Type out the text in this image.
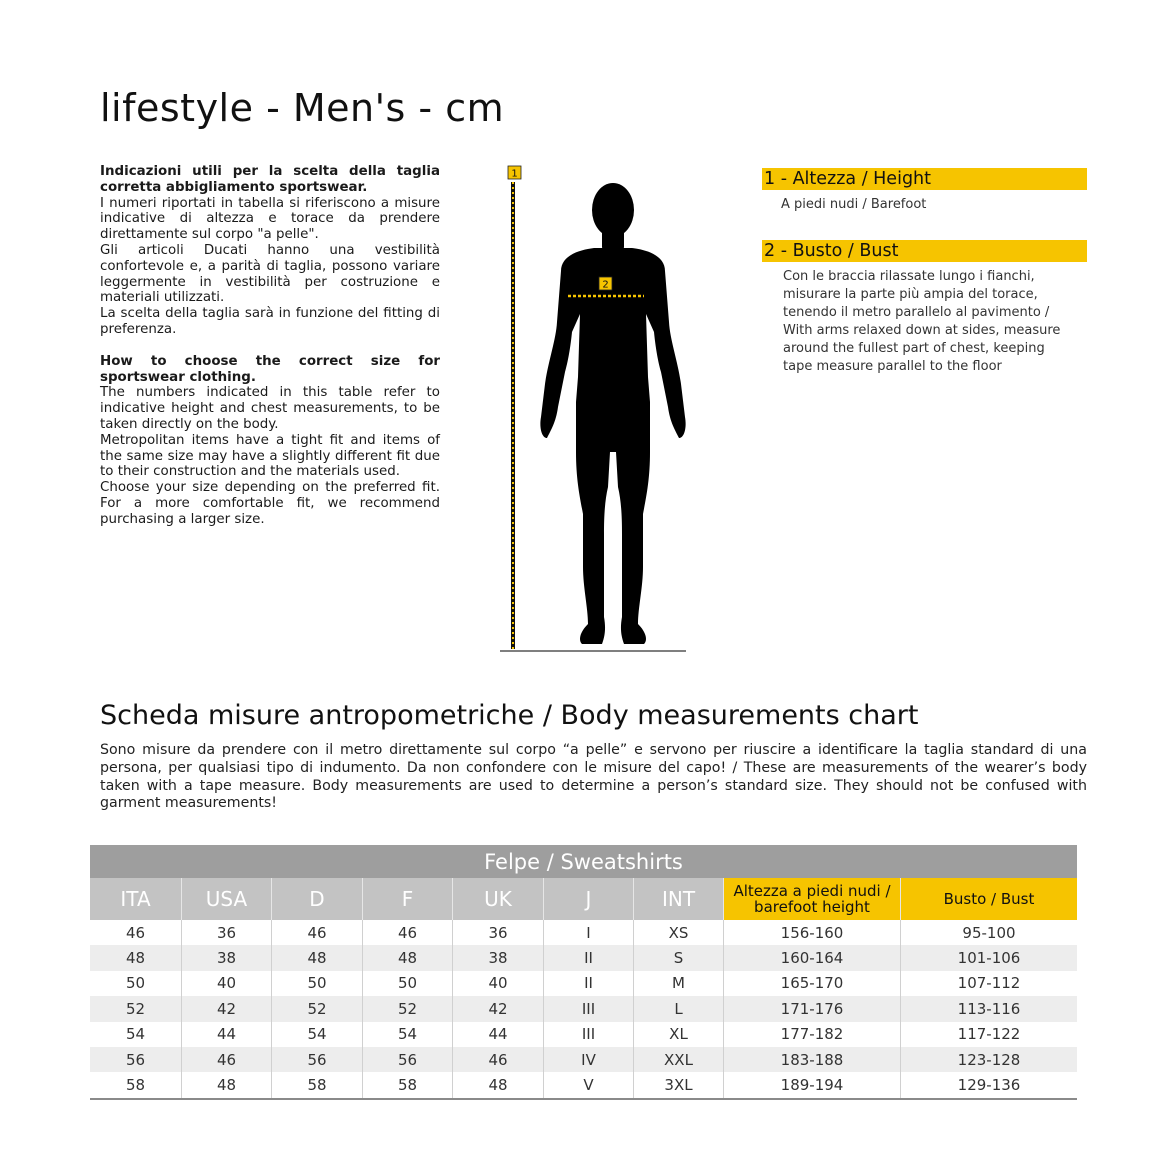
lifestyle - Men's - cm

Indicazioni utili per la scelta della taglia corretta abbigliamento sportswear.

I numeri riportati in tabella si riferiscono a misure indicative di altezza e torace da prendere direttamente sul corpo "a pelle".

Gli articoli Ducati hanno una vestibilità confortevole e, a parità di taglia, possono variare leggermente in vestibilità per costruzione e materiali utilizzati.

La scelta della taglia sarà in funzione del fitting di preferenza.

How to choose the correct size for sportswear clothing.

The numbers indicated in this table refer to indicative height and chest measurements, to be taken directly on the body.

Metropolitan items have a tight fit and items of the same size may have a slightly different fit due to their construction and the materials used.

Choose your size depending on the preferred fit. For a more comfortable fit, we recommend purchasing a larger size.

1
2
1 - Altezza / Height
A piedi nudi / Barefoot
2 - Busto / Bust
Con le braccia rilassate lungo i fianchi, misurare la parte più ampia del torace, tenendo il metro parallelo al pavimento / With arms relaxed down at sides, measure around the fullest part of chest, keeping tape measure parallel to the floor
Scheda misure antropometriche / Body measurements chart
Sono misure da prendere con il metro direttamente sul corpo “a pelle” e servono per riuscire a identificare la taglia standard di una persona, per qualsiasi tipo di indumento. Da non confondere con le misure del capo! / These are measurements of the wearer’s body taken with a tape measure. Body measurements are used to determine a person’s standard size. They should not be confused with garment measurements!
Felpe / Sweatshirts
ITA	USA	D	F	UK	J	INT	Altezza a piedi nudi / barefoot height	Busto / Bust
46	36	46	46	36	I	XS	156-160	95-100
48	38	48	48	38	II	S	160-164	101-106
50	40	50	50	40	II	M	165-170	107-112
52	42	52	52	42	III	L	171-176	113-116
54	44	54	54	44	III	XL	177-182	117-122
56	46	56	56	46	IV	XXL	183-188	123-128
58	48	58	58	48	V	3XL	189-194	129-136
